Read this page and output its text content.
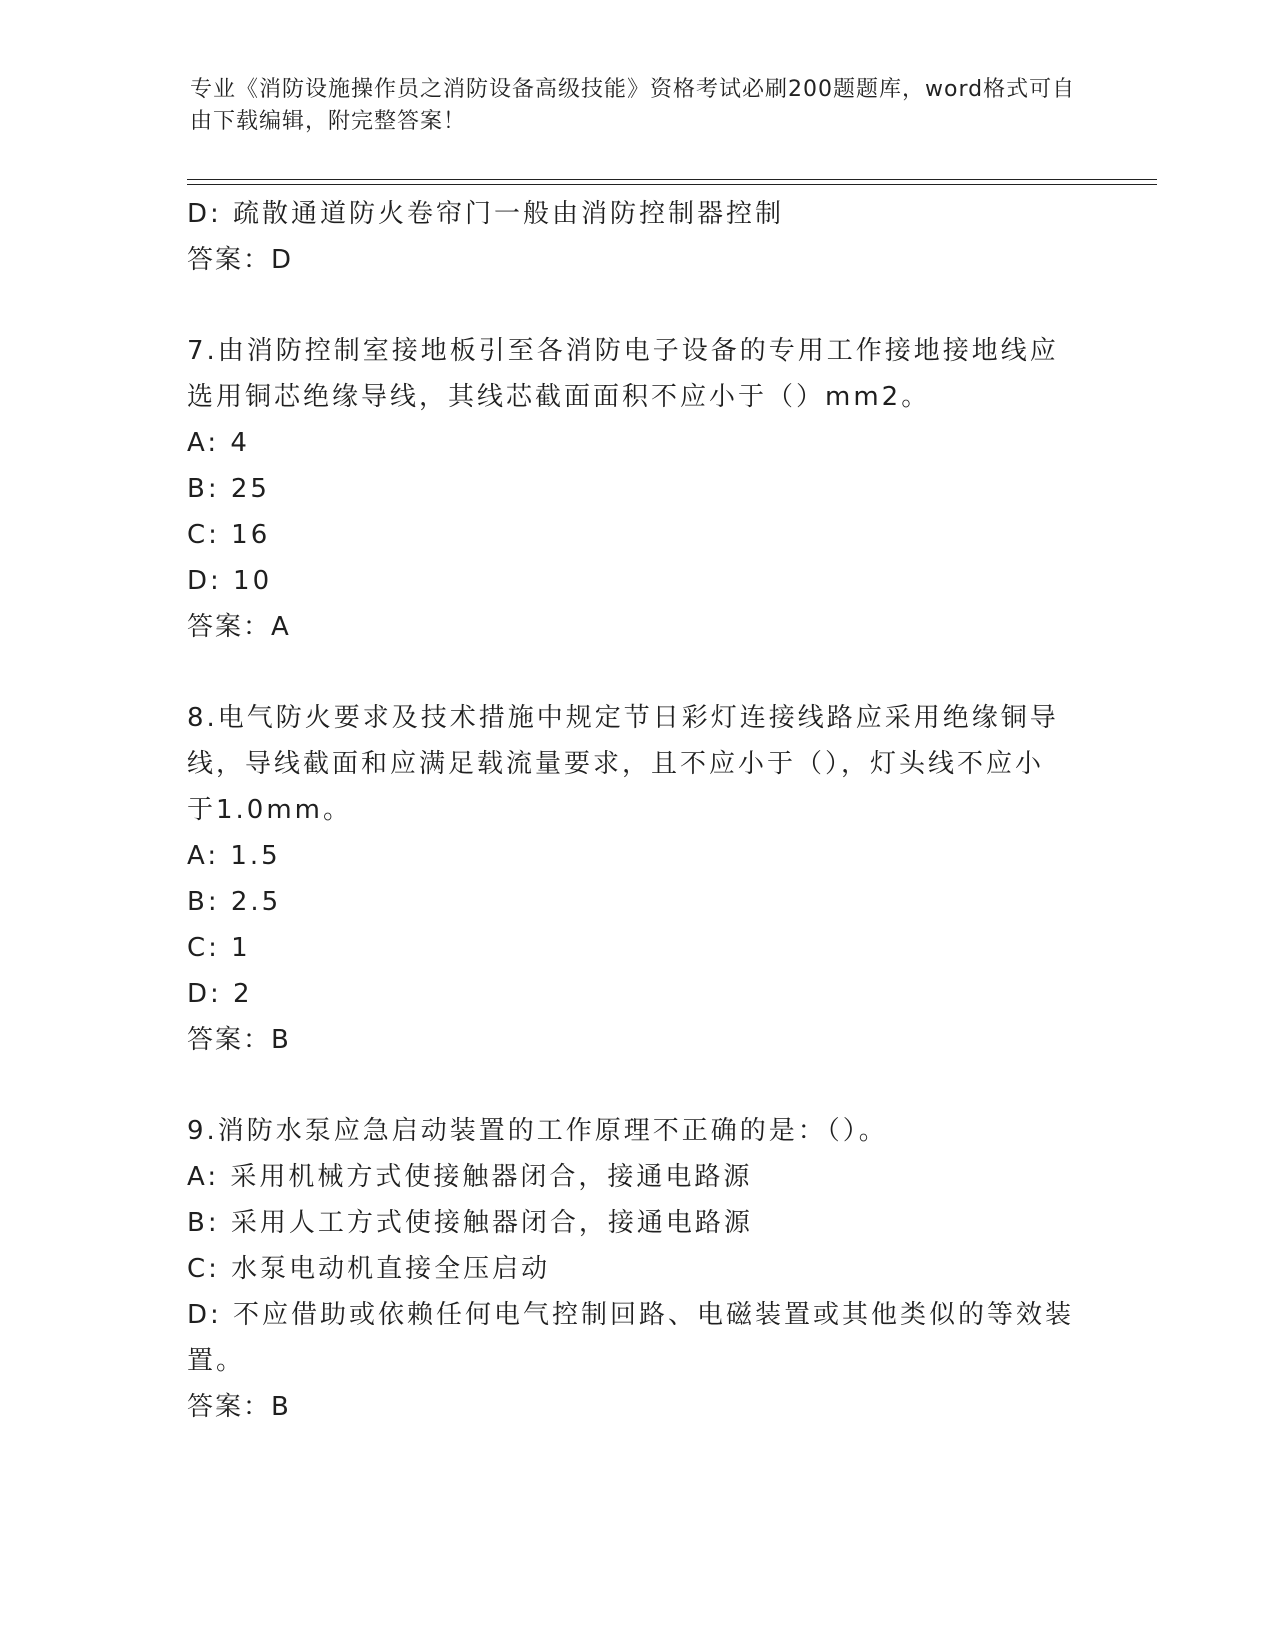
专业《消防设施操作员之消防设备高级技能》资格考试必刷200题题库，word格式可自由下载编辑，附完整答案！
D: 疏散通道防火卷帘门一般由消防控制器控制
答案：D
7.由消防控制室接地板引至各消防电子设备的专用工作接地接地线应
选用铜芯绝缘导线，其线芯截面面积不应小于（）mm2。
A: 4
B: 25
C: 16
D: 10
答案：A
8.电气防火要求及技术措施中规定节日彩灯连接线路应采用绝缘铜导
线，导线截面和应满足载流量要求，且不应小于（），灯头线不应小
于1.0mm。
A: 1.5
B: 2.5
C: 1
D: 2
答案：B
9.消防水泵应急启动装置的工作原理不正确的是：（）。
A: 采用机械方式使接触器闭合，接通电路源
B: 采用人工方式使接触器闭合，接通电路源
C: 水泵电动机直接全压启动
D: 不应借助或依赖任何电气控制回路、电磁装置或其他类似的等效装
置。
答案：B
